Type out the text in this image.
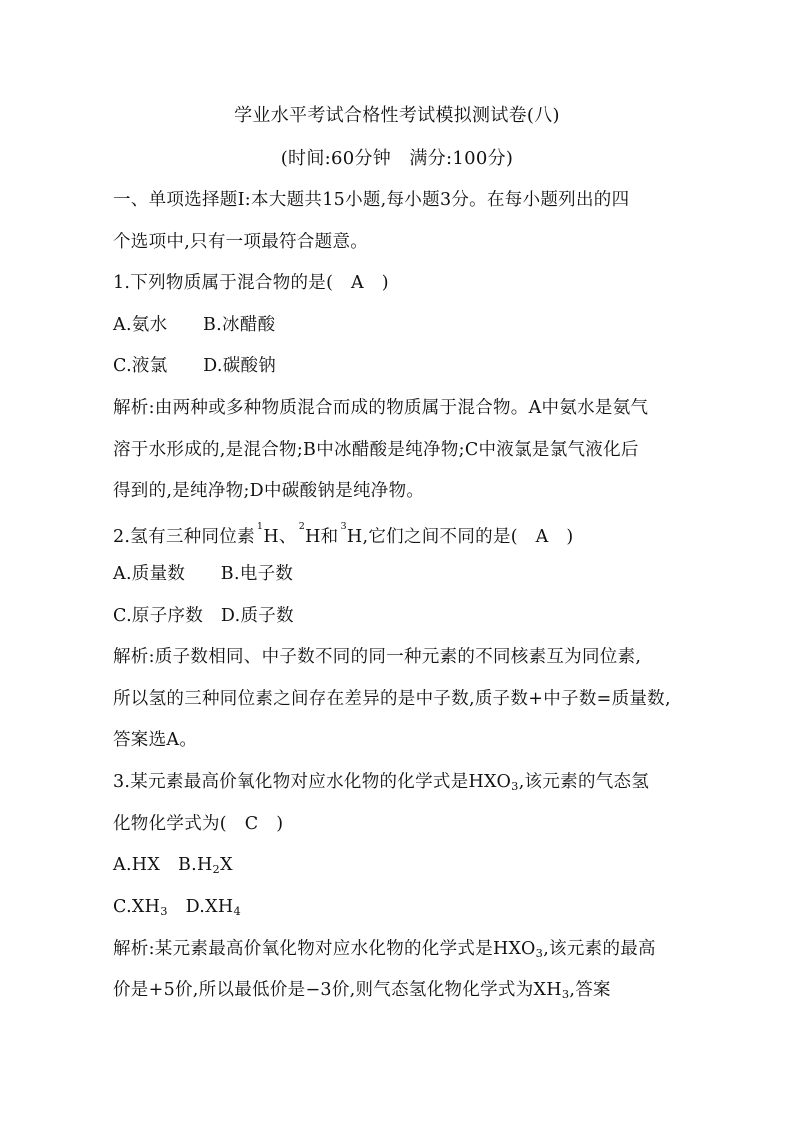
学业水平考试合格性考试模拟测试卷(八)
(时间:60分钟　满分:100分)
一、单项选择题Ⅰ:本大题共15小题,每小题3分。在每小题列出的四
个选项中,只有一项最符合题意。
1.下列物质属于混合物的是(　A　)
A.氨水　　B.冰醋酸
C.液氯　　D.碳酸钠
解析:由两种或多种物质混合而成的物质属于混合物。A中氨水是氨气
溶于水形成的,是混合物;B中冰醋酸是纯净物;C中液氯是氯气液化后
得到的,是纯净物;D中碳酸钠是纯净物。
2.氢有三种同位素$^1$H、$^2$H和$^3$H,它们之间不同的是(　A　)
A.质量数　　B.电子数
C.原子序数　D.质子数
解析:质子数相同、中子数不同的同一种元素的不同核素互为同位素,
所以氢的三种同位素之间存在差异的是中子数,质子数+中子数=质量数,
答案选A。
3.某元素最高价氧化物对应水化物的化学式是$HXO_3$,该元素的气态氢
化物化学式为(　C　)
A.HX　 $B.H_2X$
$C.XH_3$　 $D.XH_4$
解析:某元素最高价氧化物对应水化物的化学式是$HXO_3$,该元素的最高
价是+5价,所以最低价是−3价,则气态氢化物化学式为$XH_3$,答案
